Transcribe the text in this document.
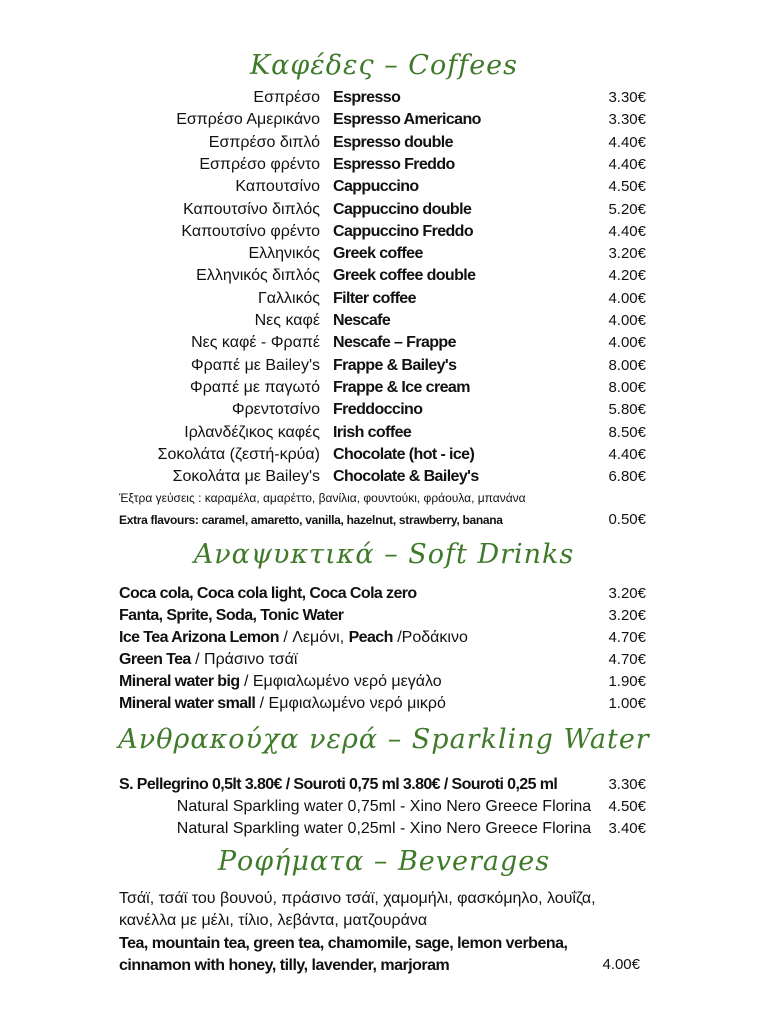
Καφέδες – Coffees
Εσπρέσο Espresso	3.30€
Εσπρέσο Αμερικάνο Espresso Americano	3.30€
Εσπρέσο διπλό Espresso double	4.40€
Εσπρέσο φρέντο Espresso Freddo	4.40€
Καπουτσίνο Cappuccino	4.50€
Καπουτσίνο διπλός Cappuccino double	5.20€
Καπουτσίνο φρέντο Cappuccino Freddo	4.40€
Ελληνικός Greek coffee	3.20€
Ελληνικός διπλός Greek coffee double	4.20€
Γαλλικός Filter coffee	4.00€
Νες καφέ Nescafe	4.00€
Νες καφέ - Φραπέ Nescafe – Frappe	4.00€
Φραπέ με Bailey's Frappe & Bailey's	8.00€
Φραπέ με παγωτό Frappe & Ice cream	8.00€
Φρεντοτσίνο Freddoccino	5.80€
Ιρλανδέζικος καφές Irish coffee	8.50€
Σοκολάτα (ζεστή-κρύα) Chocolate (hot - ice)	4.40€
Σοκολάτα με Bailey's Chocolate & Bailey's	6.80€
Έξτρα γεύσεις : καραμέλα, αμαρέττο, βανίλια, φουντούκι, φράουλα, μπανάνα
Extra flavours: caramel, amaretto, vanilla, hazelnut, strawberry, banana	0.50€
Αναψυκτικά – Soft Drinks
Coca cola, Coca cola light, Coca Cola zero	3.20€
Fanta, Sprite, Soda, Tonic Water	3.20€
Ice Tea Arizona Lemon / Λεμόνι, Peach /Ροδάκινο	4.70€
Green Tea / Πράσινο τσάϊ	4.70€
Mineral water big / Εμφιαλωμένο νερό μεγάλο	1.90€
Mineral water small / Εμφιαλωμένο νερό μικρό	1.00€
Ανθρακούχα νερά – Sparkling Water
S. Pellegrino 0,5lt 3.80€ / Souroti 0,75 ml 3.80€ / Souroti 0,25 ml	3.30€
Natural Sparkling water 0,75ml - Xino Nero Greece Florina	4.50€
Natural Sparkling water 0,25ml - Xino Nero Greece Florina	3.40€
Ροφήματα – Beverages

Τσάϊ, τσάϊ του βουνού, πράσινο τσάϊ, χαμομήλι, φασκόμηλο, λουΐζα, κανέλλα με μέλι, τίλιο, λεβάντα, ματζουράνα

Tea, mountain tea, green tea, chamomile, sage, lemon verbena, cinnamon with honey, tilly, lavender, marjoram	4.00€
